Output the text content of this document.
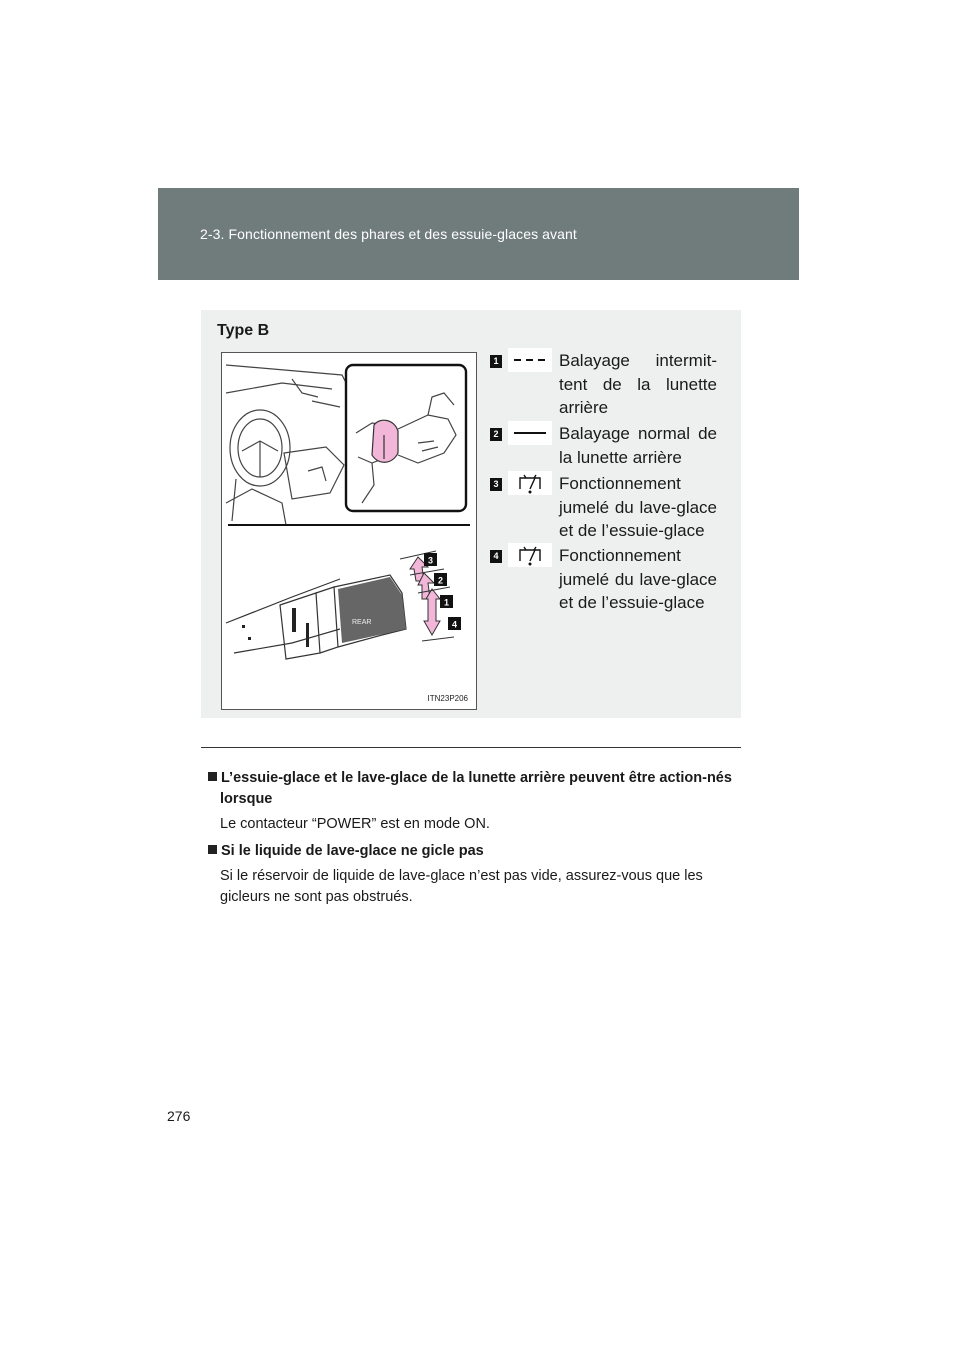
2-3. Fonctionnement des phares et des essuie-glaces avant
Type B
REAR
3
2
1
4
ITN23P206
1	Balayage intermit-tent de la lunette arrière
2	Balayage normal de la lunette arrière
3	Fonctionnement jumelé du lave-glace et de l’essuie-glace
4	Fonctionnement jumelé du lave-glace et de l’essuie-glace
L’essuie-glace et le lave-glace de la lunette arrière peuvent être action-nés lorsque
Le contacteur “POWER” est en mode ON.
Si le liquide de lave-glace ne gicle pas
Si le réservoir de liquide de lave-glace n’est pas vide, assurez-vous que les gicleurs ne sont pas obstrués.
276
